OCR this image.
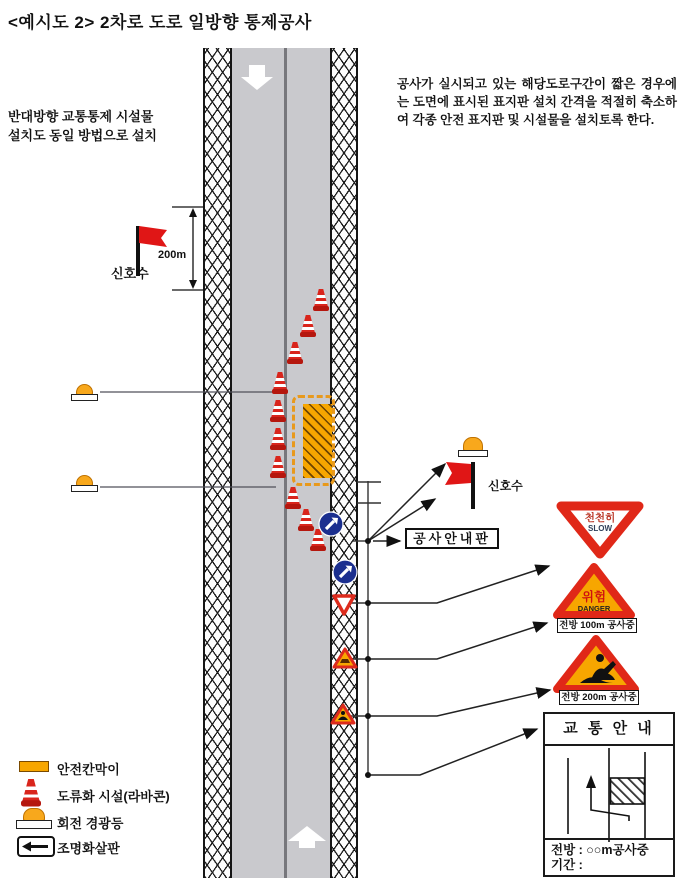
<예시도 2> 2차로 도로 일방향 통제공사
반대방향 교통통제 시설물
설치도 동일 방법으로 설치
공사가 실시되고 있는 해당도로구간이 짧은 경우에는 도면에 표시된 표지판 설치 간격을 적절히 축소하여 각종 안전 표지판 및 시설물을 설치토록 한다.
신호수
200m
신호수
공사안내판
천천히
SLOW
위험
DANGER
전방 100m 공사중
전방 200m 공사중
교 통 안 내
전방 : ○○m공사중
기간 :
안전칸막이
도류화 시설(라바콘)
회전 경광등
조명화살판
